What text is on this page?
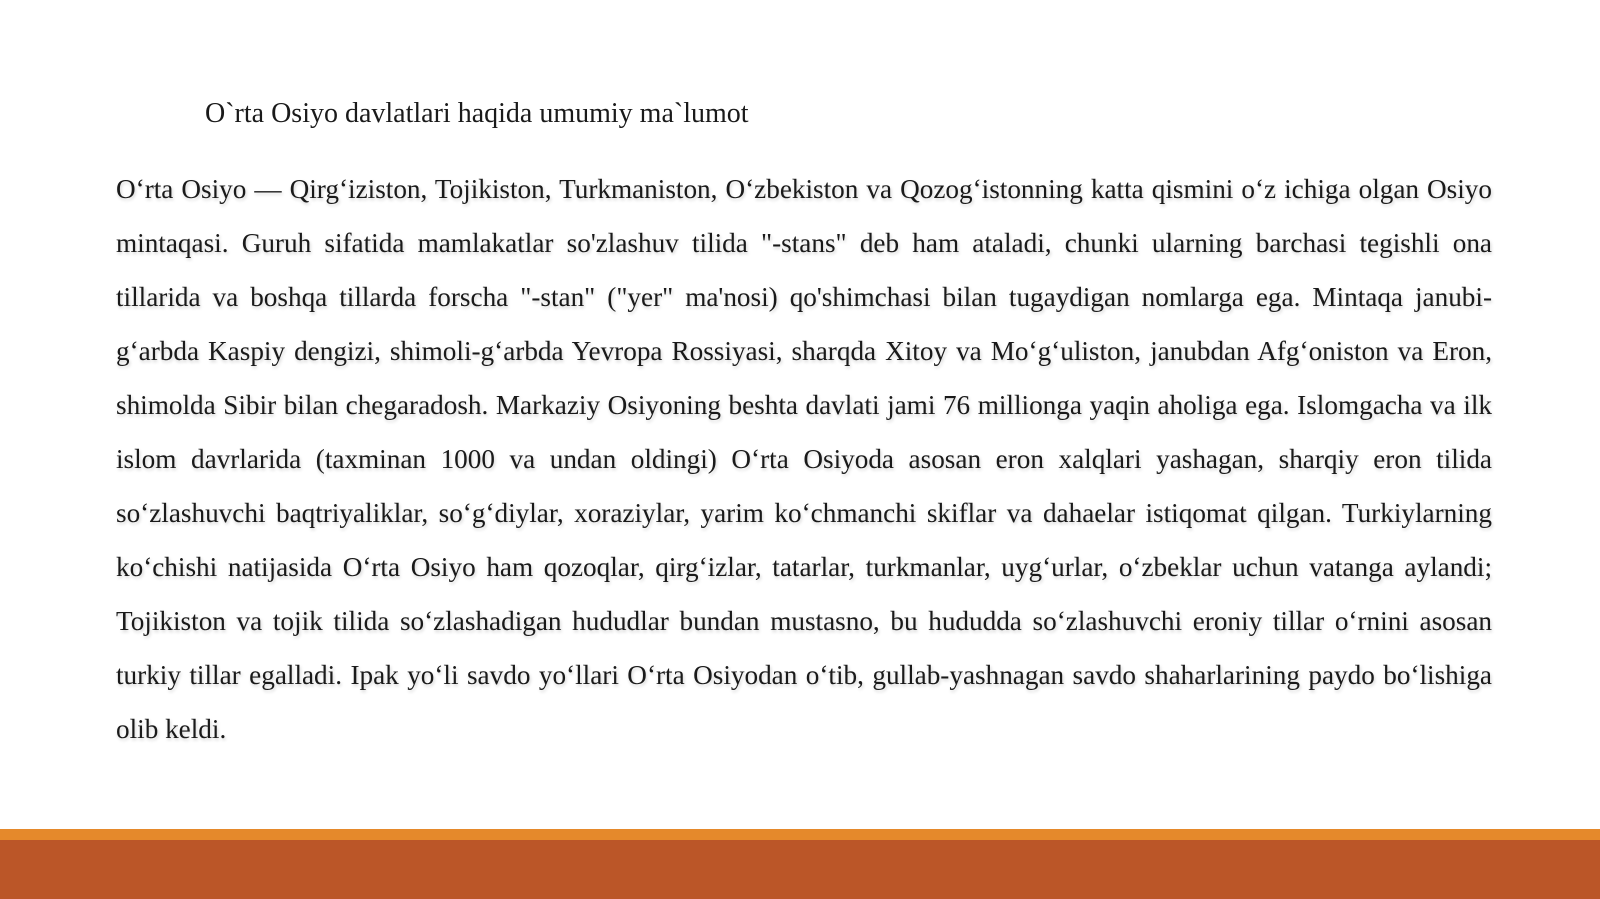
O`rta Osiyo davlatlari haqida umumiy ma`lumot

O‘rta Osiyo — Qirg‘iziston, Tojikiston, Turkmaniston, O‘zbekiston va Qozog‘istonning katta qismini o‘z ichiga olgan Osiyo mintaqasi. Guruh sifatida mamlakatlar so'zlashuv tilida "-stans" deb ham ataladi, chunki ularning barchasi tegishli ona tillarida va boshqa tillarda forscha "-stan" ("yer" ma'nosi) qo'shimchasi bilan tugaydigan nomlarga ega. Mintaqa janubi-g‘arbda Kaspiy dengizi, shimoli-g‘arbda Yevropa Rossiyasi, sharqda Xitoy va Mo‘g‘uliston, janubdan Afg‘oniston va Eron, shimolda Sibir bilan chegaradosh. Markaziy Osiyoning beshta davlati jami 76 millionga yaqin aholiga ega. Islomgacha va ilk islom davrlarida (taxminan 1000 va undan oldingi) O‘rta Osiyoda asosan eron xalqlari yashagan, sharqiy eron tilida so‘zlashuvchi baqtriyaliklar, so‘g‘diylar, xoraziylar, yarim ko‘chmanchi skiflar va dahaelar istiqomat qilgan. Turkiylarning ko‘chishi natijasida O‘rta Osiyo ham qozoqlar, qirg‘izlar, tatarlar, turkmanlar, uyg‘urlar, o‘zbeklar uchun vatanga aylandi; Tojikiston va tojik tilida so‘zlashadigan hududlar bundan mustasno, bu hududda so‘zlashuvchi eroniy tillar o‘rnini asosan turkiy tillar egalladi. Ipak yo‘li savdo yo‘llari O‘rta Osiyodan o‘tib, gullab-yashnagan savdo shaharlarining paydo bo‘lishiga olib keldi.
